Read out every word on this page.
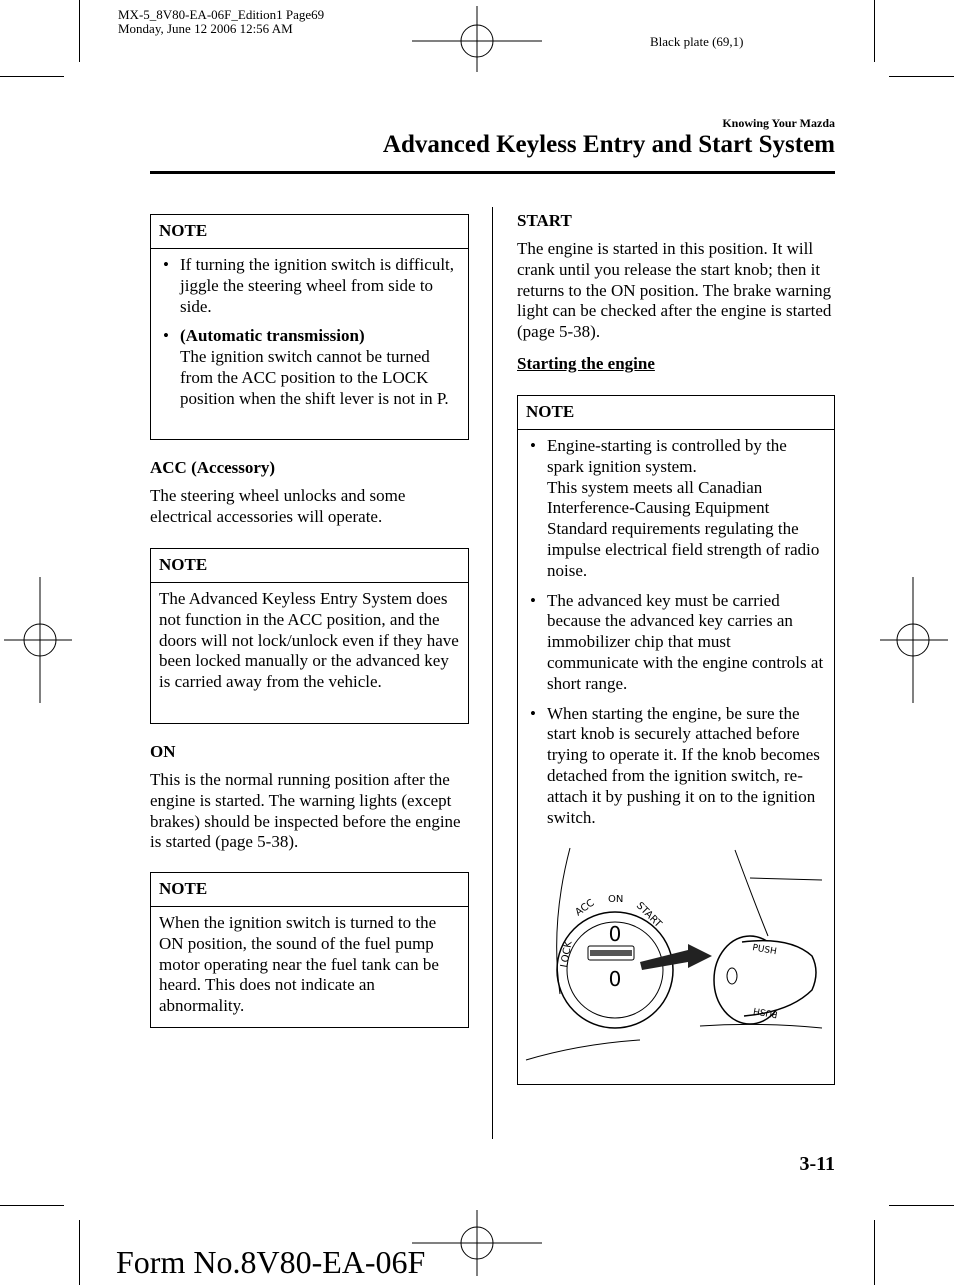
MX-5_8V80-EA-06F_Edition1 Page69
Monday, June 12 2006 12:56 AM
Black plate (69,1)
Knowing Your Mazda
Advanced Keyless Entry and Start System
NOTE
• If turning the ignition switch is difficult, jiggle the steering wheel from side to side.
• (Automatic transmission)
The ignition switch cannot be turned from the ACC position to the LOCK position when the shift lever is not in P.
ACC (Accessory)
The steering wheel unlocks and some electrical accessories will operate.
NOTE
The Advanced Keyless Entry System does not function in the ACC position, and the doors will not lock/unlock even if they have been locked manually or the advanced key is carried away from the vehicle.
ON
This is the normal running position after the engine is started. The warning lights (except brakes) should be inspected before the engine is started (page 5-38).
NOTE
When the ignition switch is turned to the ON position, the sound of the fuel pump motor operating near the fuel tank can be heard. This does not indicate an abnormality.
START
The engine is started in this position. It will crank until you release the start knob; then it returns to the ON position. The brake warning light can be checked after the engine is started (page 5-38).
Starting the engine
NOTE
• Engine-starting is controlled by the spark ignition system.
This system meets all Canadian Interference-Causing Equipment Standard requirements regulating the impulse electrical field strength of radio noise.
• The advanced key must be carried because the advanced key carries an immobilizer chip that must communicate with the engine controls at short range.
• When starting the engine, be sure the start knob is securely attached before trying to operate it. If the knob becomes detached from the ignition switch, re-attach it by pushing it on to the ignition switch.
0
0
LOCK
ACC ON
START
PUSH
PUSH
3-11
Form No.8V80-EA-06F
